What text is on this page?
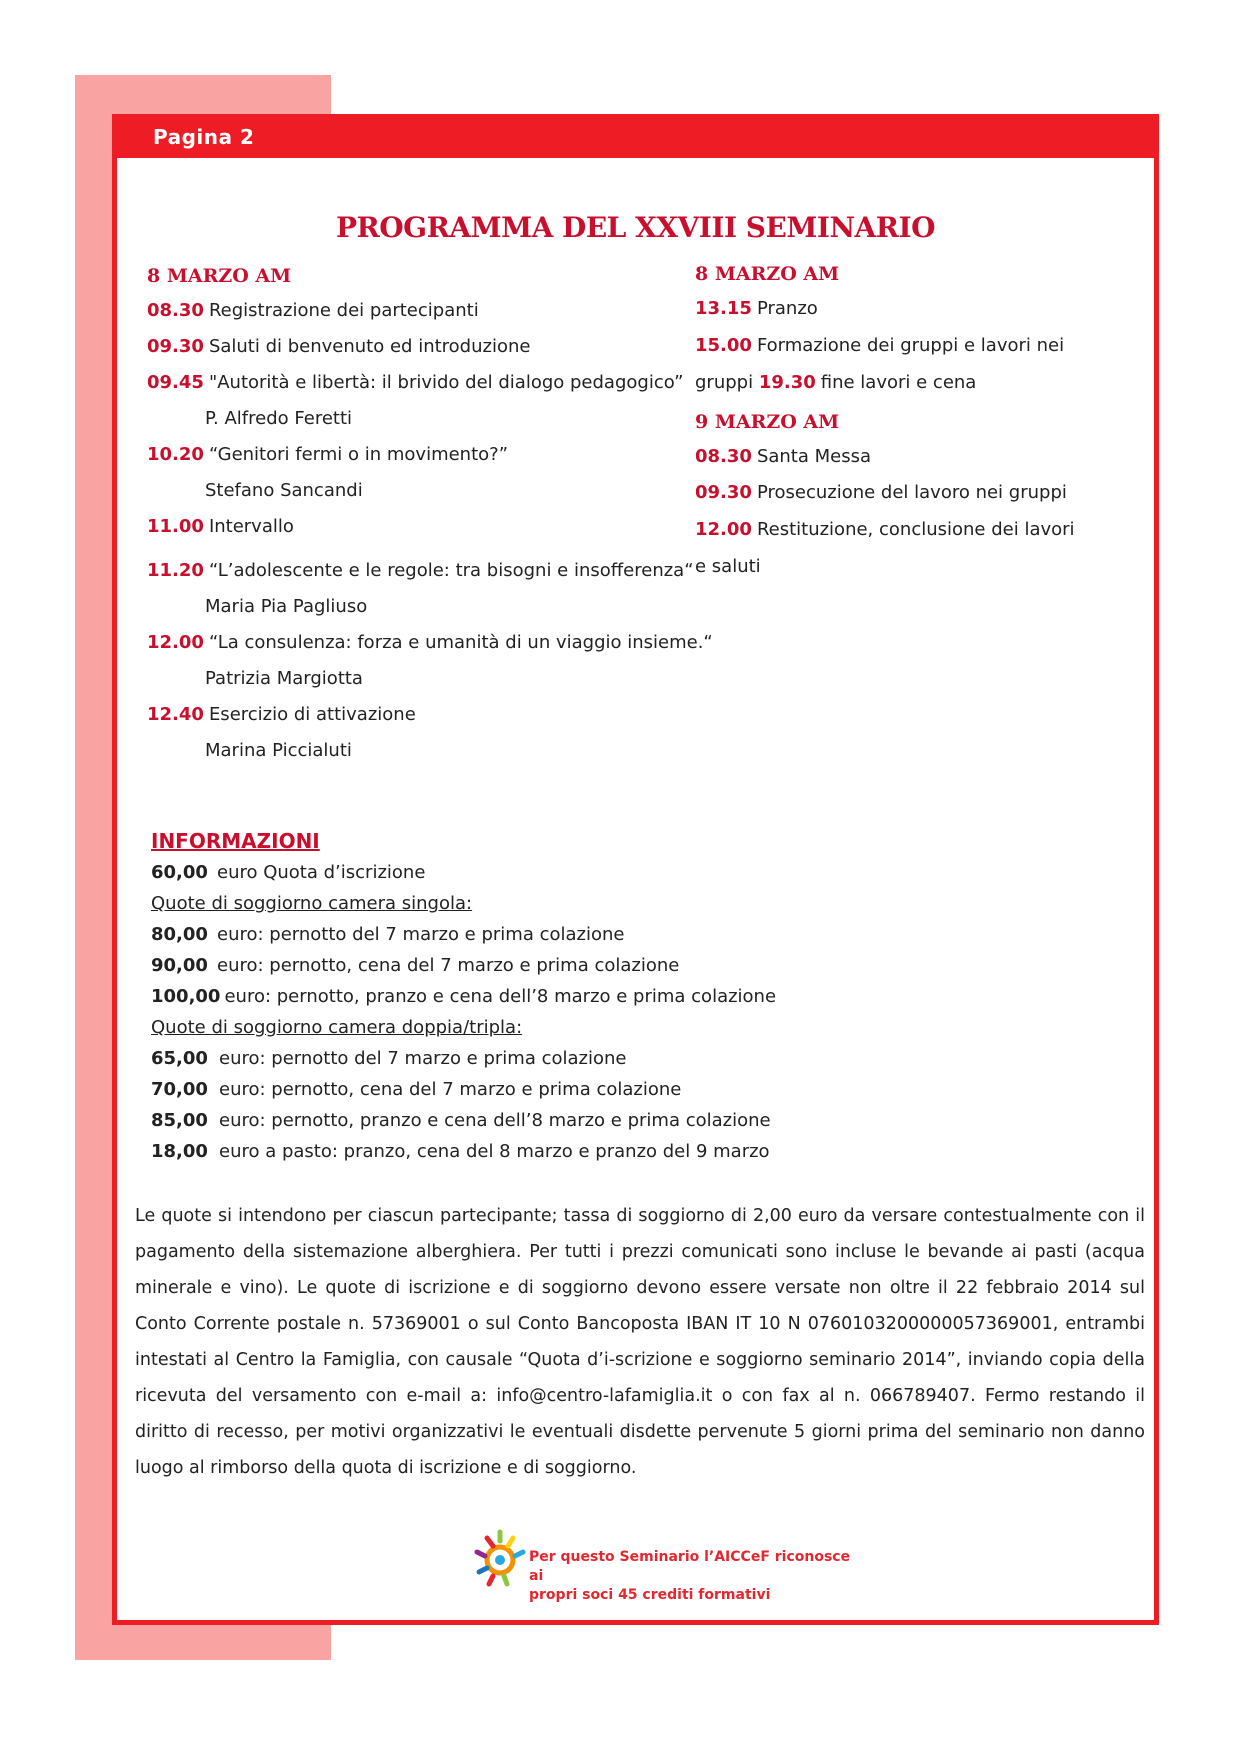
Pagina 2
PROGRAMMA DEL XXVIII SEMINARIO
8 MARZO AM
08.30 Registrazione dei partecipanti
09.30 Saluti di benvenuto ed introduzione
09.45 "Autorità e libertà: il brivido del dialogo pedagogico”
P. Alfredo Feretti
10.20 “Genitori fermi o in movimento?”
Stefano Sancandi
11.00 Intervallo
11.20 “L’adolescente e le regole: tra bisogni e insofferenza“
Maria Pia Pagliuso
12.00 “La consulenza: forza e umanità di un viaggio insieme.“
Patrizia Margiotta
12.40 Esercizio di attivazione
Marina Piccialuti
8 MARZO AM
13.15 Pranzo
15.00 Formazione dei gruppi e lavori nei gruppi 19.30 fine lavori e cena
9 MARZO AM
08.30 Santa Messa
09.30 Prosecuzione del lavoro nei gruppi
12.00 Restituzione, conclusione dei lavori e saluti
INFORMAZIONI
60,00 euro Quota d’iscrizione
Quote di soggiorno camera singola:
80,00 euro: pernotto del 7 marzo e prima colazione
90,00 euro: pernotto, cena del 7 marzo e prima colazione
100,00 euro: pernotto, pranzo e cena dell’8 marzo e prima colazione
Quote di soggiorno camera doppia/tripla:
65,00 euro: pernotto del 7 marzo e prima colazione
70,00 euro: pernotto, cena del 7 marzo e prima colazione
85,00 euro: pernotto, pranzo e cena dell’8 marzo e prima colazione
18,00 euro a pasto: pranzo, cena del 8 marzo e pranzo del 9 marzo
Le quote si intendono per ciascun partecipante; tassa di soggiorno di 2,00 euro da versare contestualmente con il pagamento della sistemazione alberghiera. Per tutti i prezzi comunicati sono incluse le bevande ai pasti (acqua minerale e vino). Le quote di iscrizione e di soggiorno devono essere versate non oltre il 22 febbraio 2014 sul Conto Corrente postale n. 57369001 o sul Conto Bancoposta IBAN IT 10 N 0760103200000057369001, entrambi intestati al Centro la Famiglia, con causale “Quota d’i-scrizione e soggiorno seminario 2014”, inviando copia della ricevuta del versamento con e-mail a: info@centro-lafamiglia.it o con fax al n. 066789407. Fermo restando il diritto di recesso, per motivi organizzativi le eventuali disdette pervenute 5 giorni prima del seminario non danno luogo al rimborso della quota di iscrizione e di soggiorno.
Per questo Seminario l’AICCeF riconosce ai
propri soci 45 crediti formativi
